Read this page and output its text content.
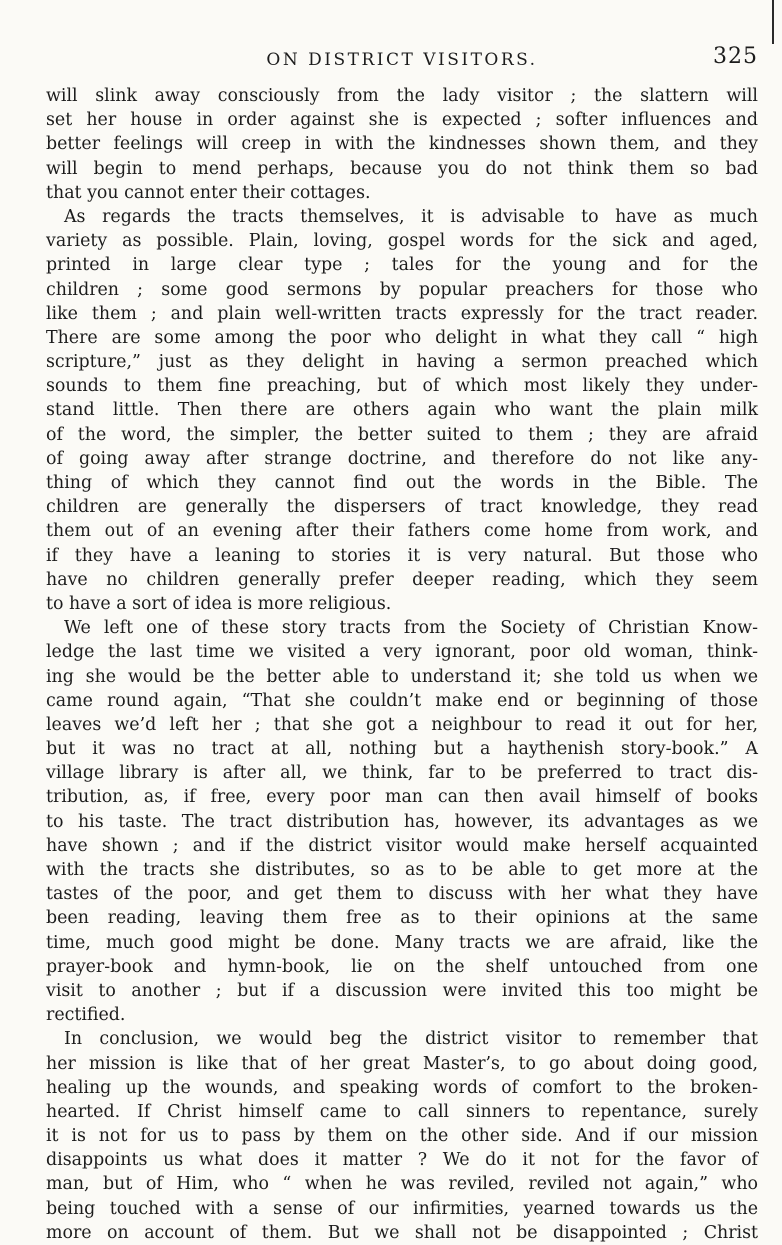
ON DISTRICT VISITORS.	325
will slink away consciously from the lady visitor ; the slattern will
set her house in order against she is expected ; softer influences and
better feelings will creep in with the kindnesses shown them, and they
will begin to mend perhaps, because you do not think them so bad
that you cannot enter their cottages.
As regards the tracts themselves, it is advisable to have as much
variety as possible. Plain, loving, gospel words for the sick and aged,
printed in large clear type ; tales for the young and for the
children ; some good sermons by popular preachers for those who
like them ; and plain well-written tracts expressly for the tract reader.
There are some among the poor who delight in what they call “ high
scripture,” just as they delight in having a sermon preached which
sounds to them fine preaching, but of which most likely they under-
stand little. Then there are others again who want the plain milk
of the word, the simpler, the better suited to them ; they are afraid
of going away after strange doctrine, and therefore do not like any-
thing of which they cannot find out the words in the Bible. The
children are generally the dispersers of tract knowledge, they read
them out of an evening after their fathers come home from work, and
if they have a leaning to stories it is very natural. But those who
have no children generally prefer deeper reading, which they seem
to have a sort of idea is more religious.
We left one of these story tracts from the Society of Christian Know-
ledge the last time we visited a very ignorant, poor old woman, think-
ing she would be the better able to understand it; she told us when we
came round again, “That she couldn’t make end or beginning of those
leaves we’d left her ; that she got a neighbour to read it out for her,
but it was no tract at all, nothing but a haythenish story-book.” A
village library is after all, we think, far to be preferred to tract dis-
tribution, as, if free, every poor man can then avail himself of books
to his taste. The tract distribution has, however, its advantages as we
have shown ; and if the district visitor would make herself acquainted
with the tracts she distributes, so as to be able to get more at the
tastes of the poor, and get them to discuss with her what they have
been reading, leaving them free as to their opinions at the same
time, much good might be done. Many tracts we are afraid, like the
prayer-book and hymn-book, lie on the shelf untouched from one
visit to another ; but if a discussion were invited this too might be
rectified.
In conclusion, we would beg the district visitor to remember that
her mission is like that of her great Master’s, to go about doing good,
healing up the wounds, and speaking words of comfort to the broken-
hearted. If Christ himself came to call sinners to repentance, surely
it is not for us to pass by them on the other side. And if our mission
disappoints us what does it matter ? We do it not for the favor of
man, but of Him, who “ when he was reviled, reviled not again,” who
being touched with a sense of our infirmities, yearned towards us the
more on account of them. But we shall not be disappointed ; Christ
